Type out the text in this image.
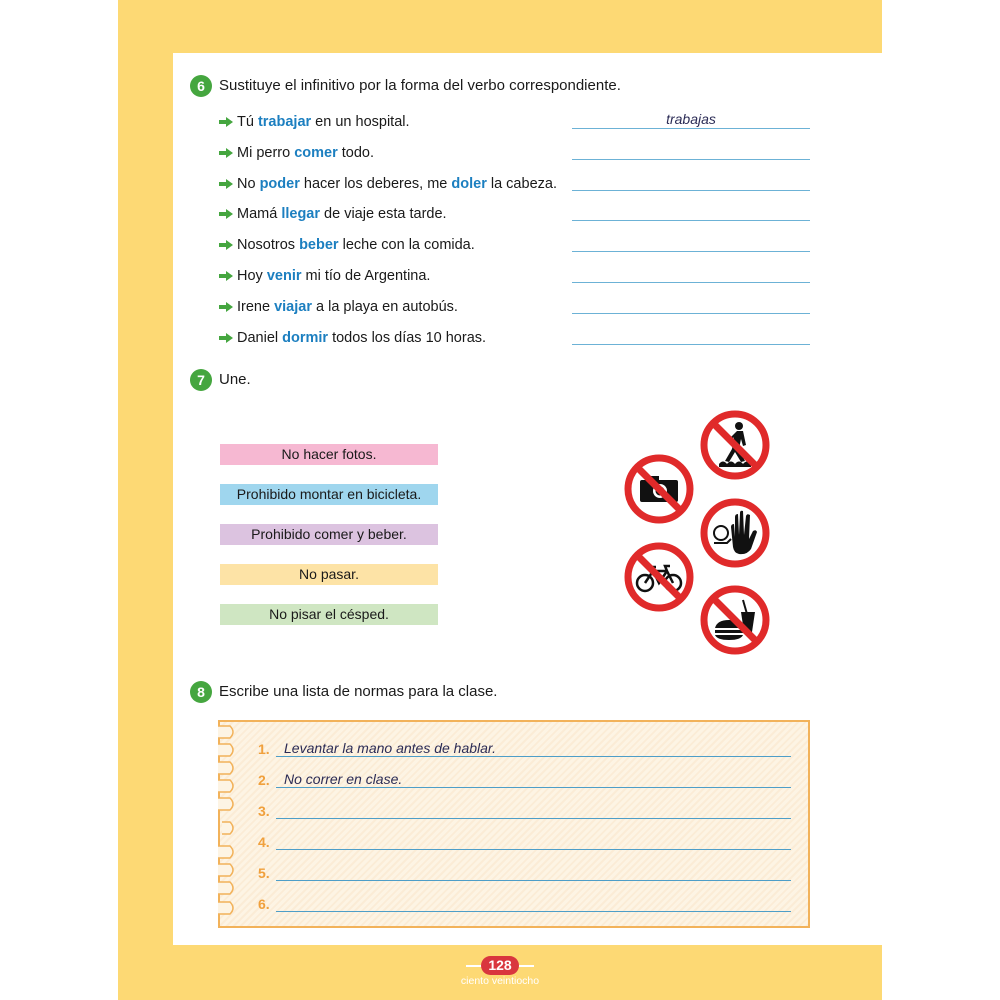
6 Sustituye el infinitivo por la forma del verbo correspondiente.
Tú trabajar en un hospital.	trabajas
Mi perro comer todo.
No poder hacer los deberes, me doler la cabeza.
Mamá llegar de viaje esta tarde.
Nosotros beber leche con la comida.
Hoy venir mi tío de Argentina.
Irene viajar a la playa en autobús.
Daniel dormir todos los días 10 horas.
7 Une.
No hacer fotos.
Prohibido montar en bicicleta.
Prohibido comer y beber.
No pasar.
No pisar el césped.
8 Escribe una lista de normas para la clase.
1.	Levantar la mano antes de hablar.
2.	No correr en clase.
3.
4.
5.
6.
128
ciento veintiocho
